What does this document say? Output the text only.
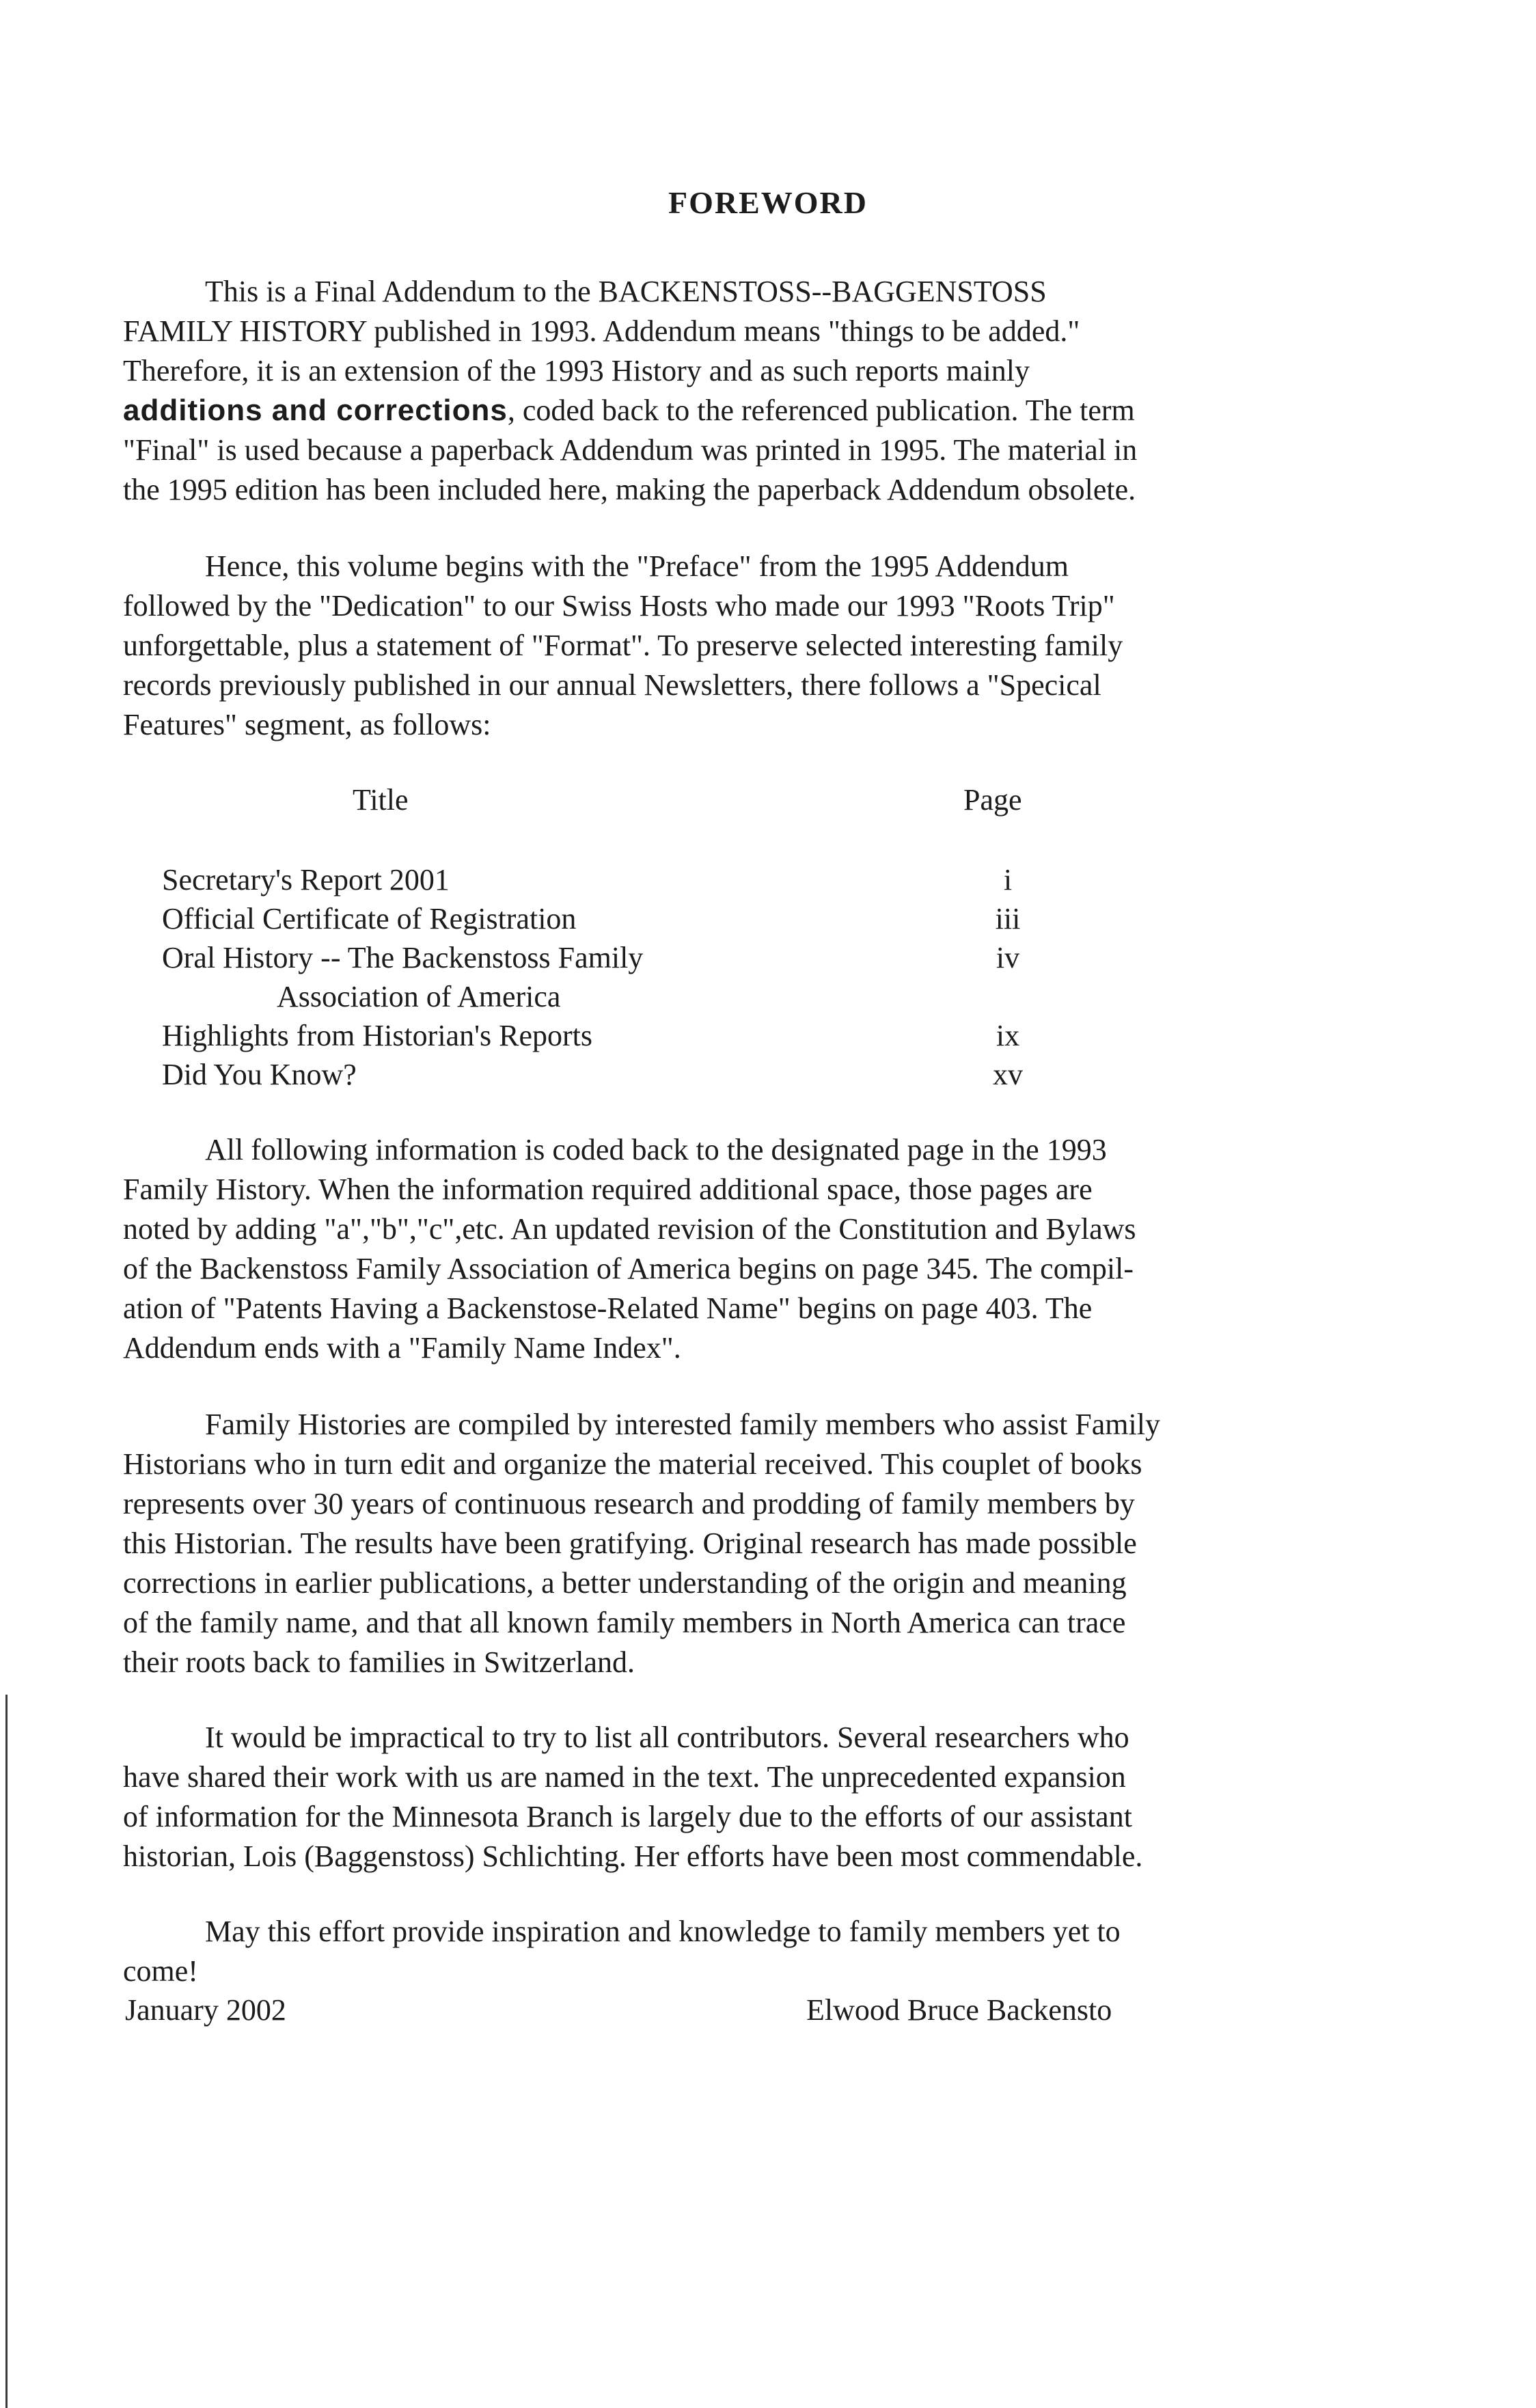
FOREWORD

This is a Final Addendum to the BACKENSTOSS--BAGGENSTOSS
FAMILY HISTORY published in 1993. Addendum means "things to be added."
Therefore, it is an extension of the 1993 History and as such reports mainly
additions and corrections, coded back to the referenced publication. The term
"Final" is used because a paperback Addendum was printed in 1995. The material in
the 1995 edition has been included here, making the paperback Addendum obsolete.

Hence, this volume begins with the "Preface" from the 1995 Addendum
followed by the "Dedication" to our Swiss Hosts who made our 1993 "Roots Trip"
unforgettable, plus a statement of "Format". To preserve selected interesting family
records previously published in our annual Newsletters, there follows a "Specical
Features" segment, as follows:

Title	Page
Secretary's Report 2001	i
Official Certificate of Registration	iii
Oral History -- The Backenstoss Family	iv
Association of America
Highlights from Historian's Reports	ix
Did You Know?	xv

All following information is coded back to the designated page in the 1993
Family History. When the information required additional space, those pages are
noted by adding "a","b","c",etc. An updated revision of the Constitution and Bylaws
of the Backenstoss Family Association of America begins on page 345. The compil-
ation of "Patents Having a Backenstose-Related Name" begins on page 403. The
Addendum ends with a "Family Name Index".

Family Histories are compiled by interested family members who assist Family
Historians who in turn edit and organize the material received. This couplet of books
represents over 30 years of continuous research and prodding of family members by
this Historian. The results have been gratifying. Original research has made possible
corrections in earlier publications, a better understanding of the origin and meaning
of the family name, and that all known family members in North America can trace
their roots back to families in Switzerland.

It would be impractical to try to list all contributors. Several researchers who
have shared their work with us are named in the text. The unprecedented expansion
of information for the Minnesota Branch is largely due to the efforts of our assistant
historian, Lois (Baggenstoss) Schlichting. Her efforts have been most commendable.

May this effort provide inspiration and knowledge to family members yet to
come!

January 2002	Elwood Bruce Backensto
